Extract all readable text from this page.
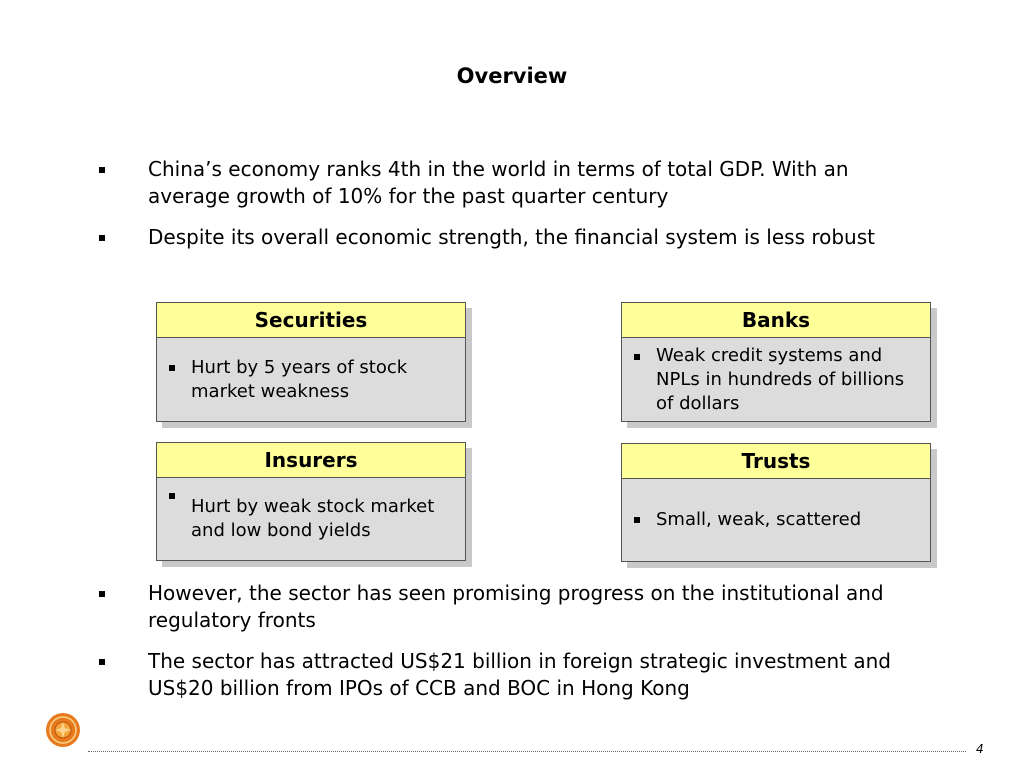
Overview
China’s economy ranks 4th in the world in terms of total GDP. With an average growth of 10% for the past quarter century
Despite its overall economic strength, the financial system is less robust
Securities
Hurt by 5 years of stock market weakness
Banks
Weak credit systems and NPLs in hundreds of billions of dollars
Insurers
Hurt by weak stock market and low bond yields
Trusts
Small, weak, scattered
However, the sector has seen promising progress on the institutional and regulatory fronts
The sector has attracted US$21 billion in foreign strategic investment and US$20 billion from IPOs of CCB and BOC in Hong Kong
4
